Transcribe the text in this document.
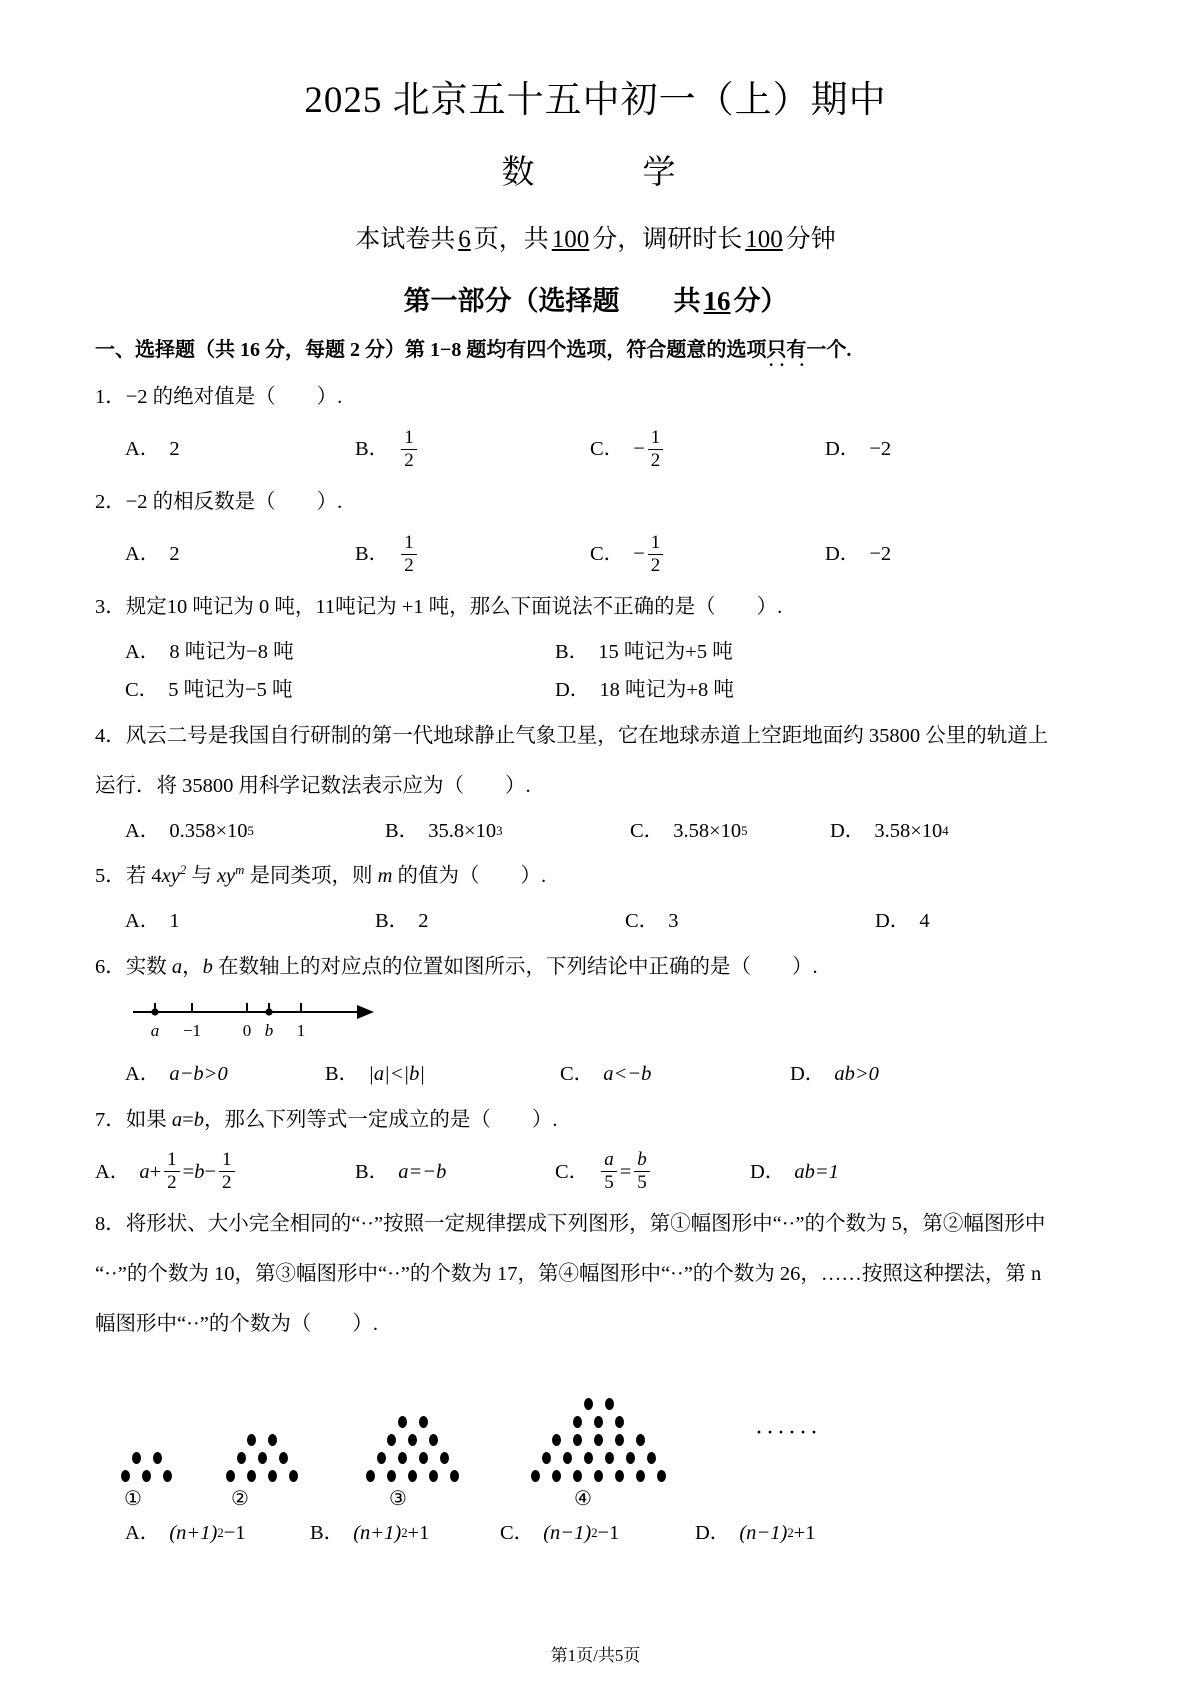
2025 北京五十五中初一（上）期中
数　　学
本试卷共 6 页，共 100 分，调研时长 100 分钟
第一部分（选择题　　共 16 分）
一、选择题（共 16 分，每题 2 分）第 1−8 题均有四个选项，符合题意的选项只有一个 ·· ·.
1．−2 的绝对值是（　　）.
A． 2	B． $\frac{1}{2}$	C． − $\frac{1}{2}$	D． −2
2．−2 的相反数是（　　）.
A． 2	B． $\frac{1}{2}$	C． − $\frac{1}{2}$	D． −2
3．规定10 吨记为 0 吨，11吨记为 +1 吨，那么下面说法不正确的是（　　）.
A． 8 吨记为−8 吨	B． 15 吨记为+5 吨
C． 5 吨记为−5 吨	D． 18 吨记为+8 吨
4．风云二号是我国自行研制的第一代地球静止气象卫星，它在地球赤道上空距地面约 35800 公里的轨道上
运行．将 35800 用科学记数法表示应为（　　）.
A． 0.358×10 5	B． 35.8×10 3	C． 3.58×10 5	D． 3.58×10 4
5．若 $4xy^2$ 与 $xy^m$ 是同类项，则 m 的值为（　　）.
A． 1	B． 2	C． 3	D． 4
6．实数 a，b 在数轴上的对应点的位置如图所示，下列结论中正确的是（　　）.
a −1 0 b 1
A． a−b>0	B． |a|<|b|	C． a<−b	D． ab>0
7．如果 a=b，那么下列等式一定成立的是（　　）.
A． $a + \frac{1}{2} = b - \frac{1}{2}$	B． a=−b	C． $\frac{a}{5} = \frac{b}{5}$	D． ab=1
8．将形状、大小完全相同的“··”按照一定规律摆成下列图形，第①幅图形中“··”的个数为 5，第②幅图形中
“··”的个数为 10，第③幅图形中“··”的个数为 17，第④幅图形中“··”的个数为 26，……按照这种摆法，第 n
幅图形中“··”的个数为（　　）.
①	②	③	④
······
A． (n+1) 2 −1	B． (n+1) 2 +1	C． (n−1) 2 −1	D． (n−1) 2 +1
第1页/共5页
